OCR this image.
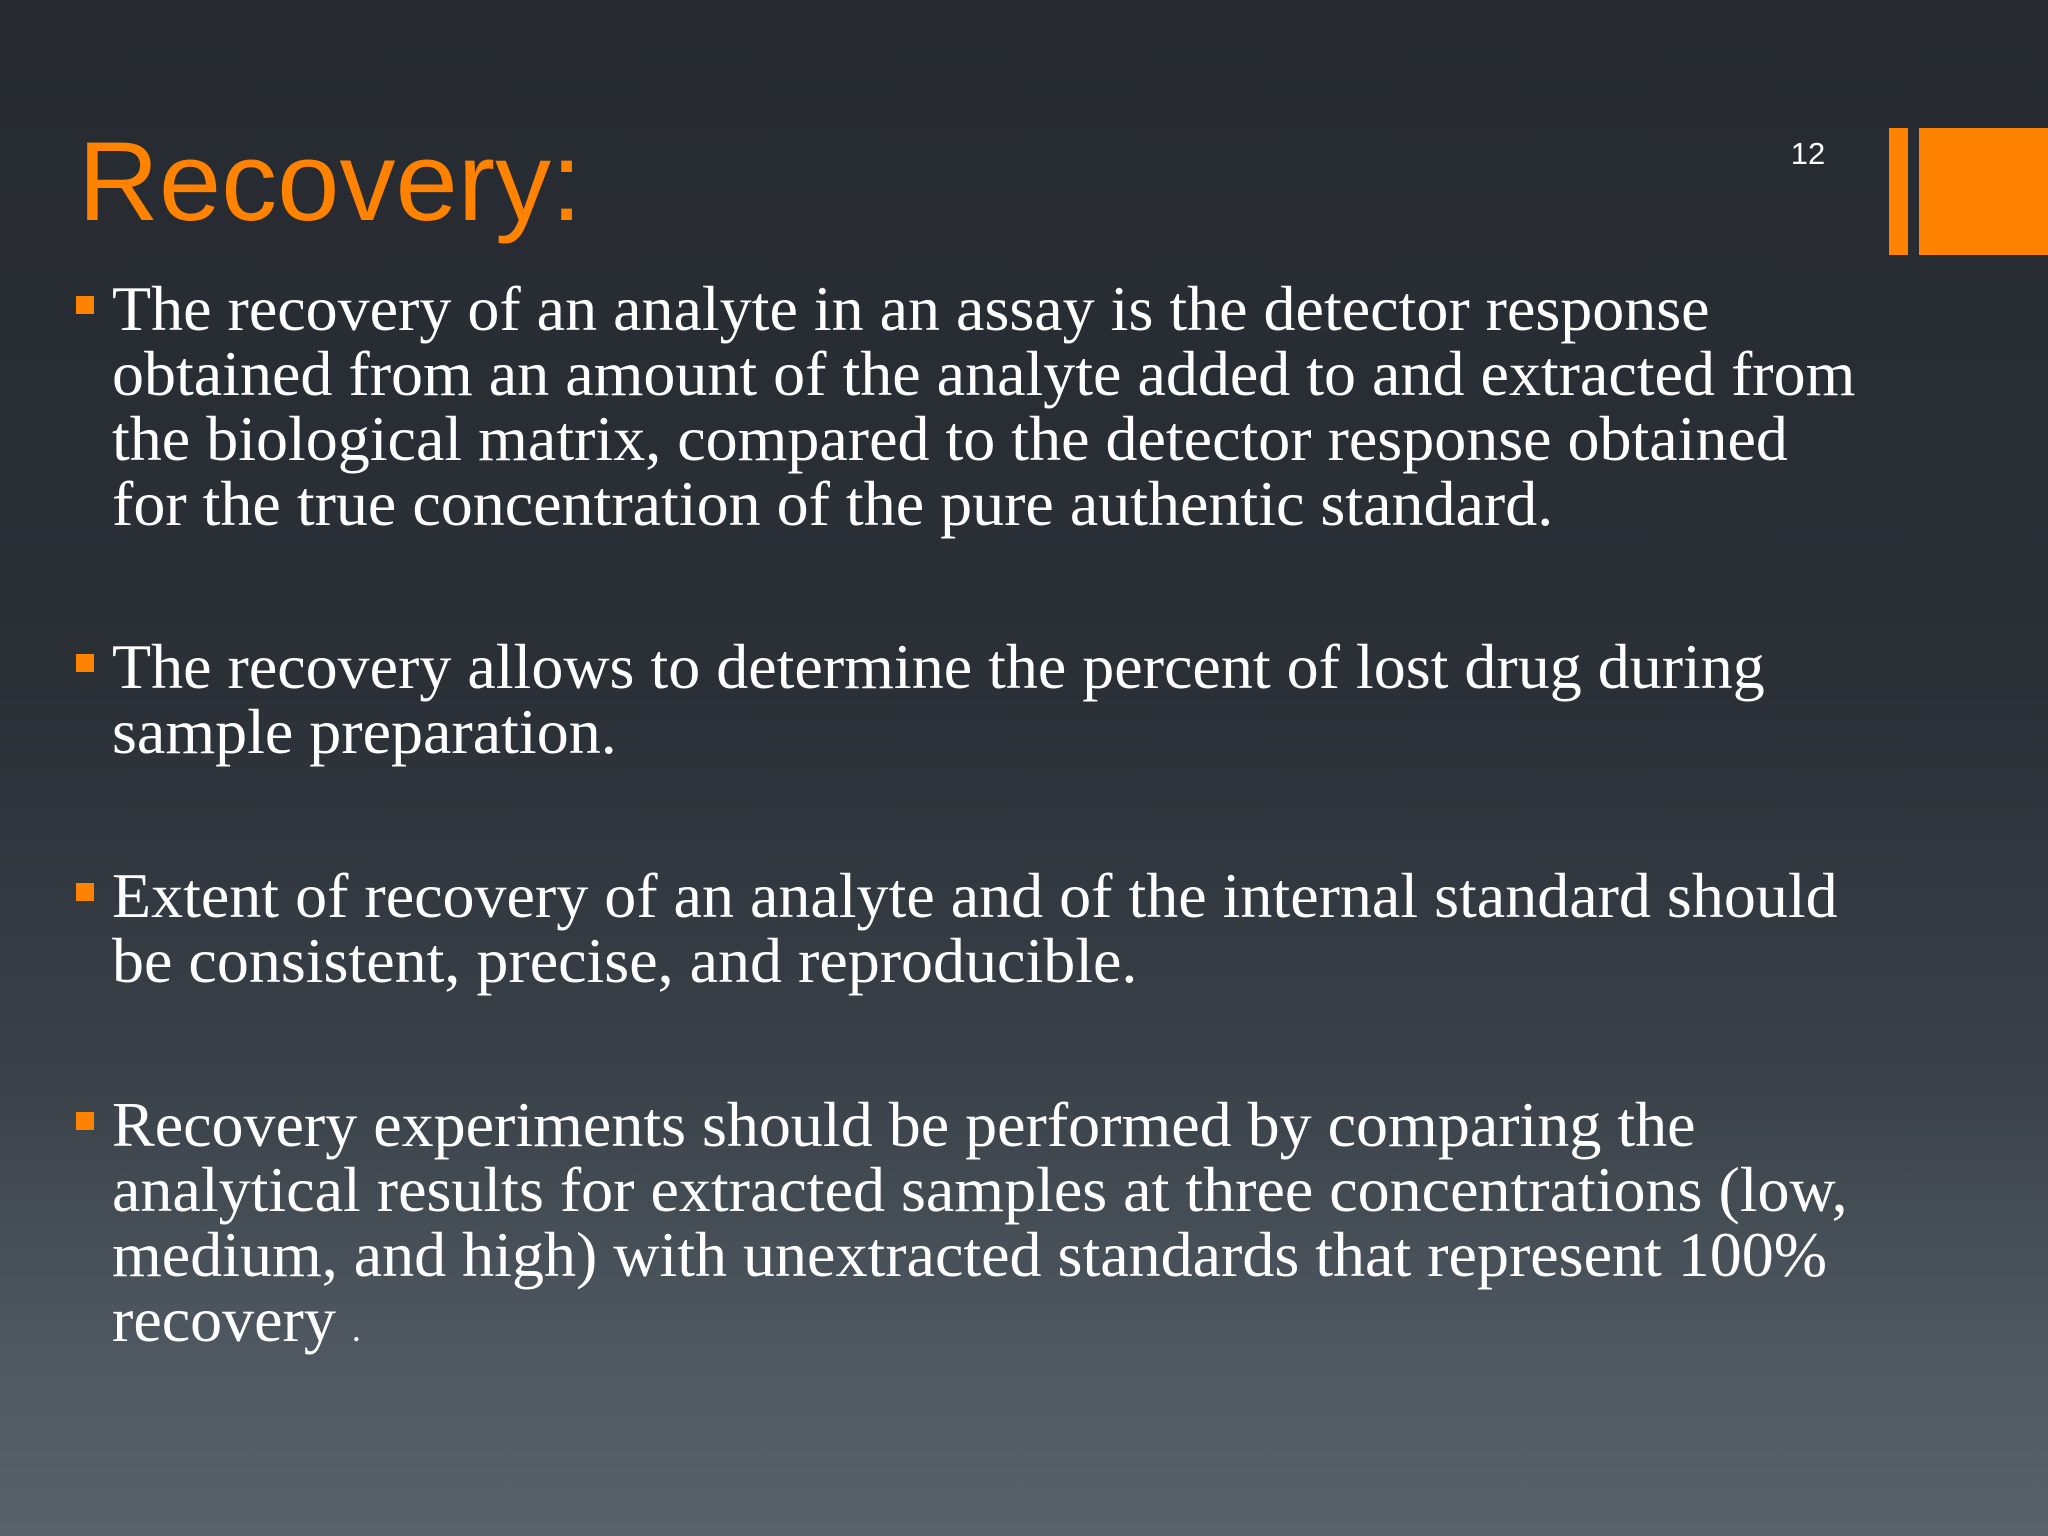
Recovery:	12

The recovery of an analyte in an assay is the detector response
obtained from an amount of the analyte added to and extracted from
the biological matrix, compared to the detector response obtained
for the true concentration of the pure authentic standard.

The recovery allows to determine the percent of lost drug during
sample preparation.

Extent of recovery of an analyte and of the internal standard should
be consistent, precise, and reproducible.

Recovery experiments should be performed by comparing the
analytical results for extracted samples at three concentrations (low,
medium, and high) with unextracted standards that represent 100%
recovery .
